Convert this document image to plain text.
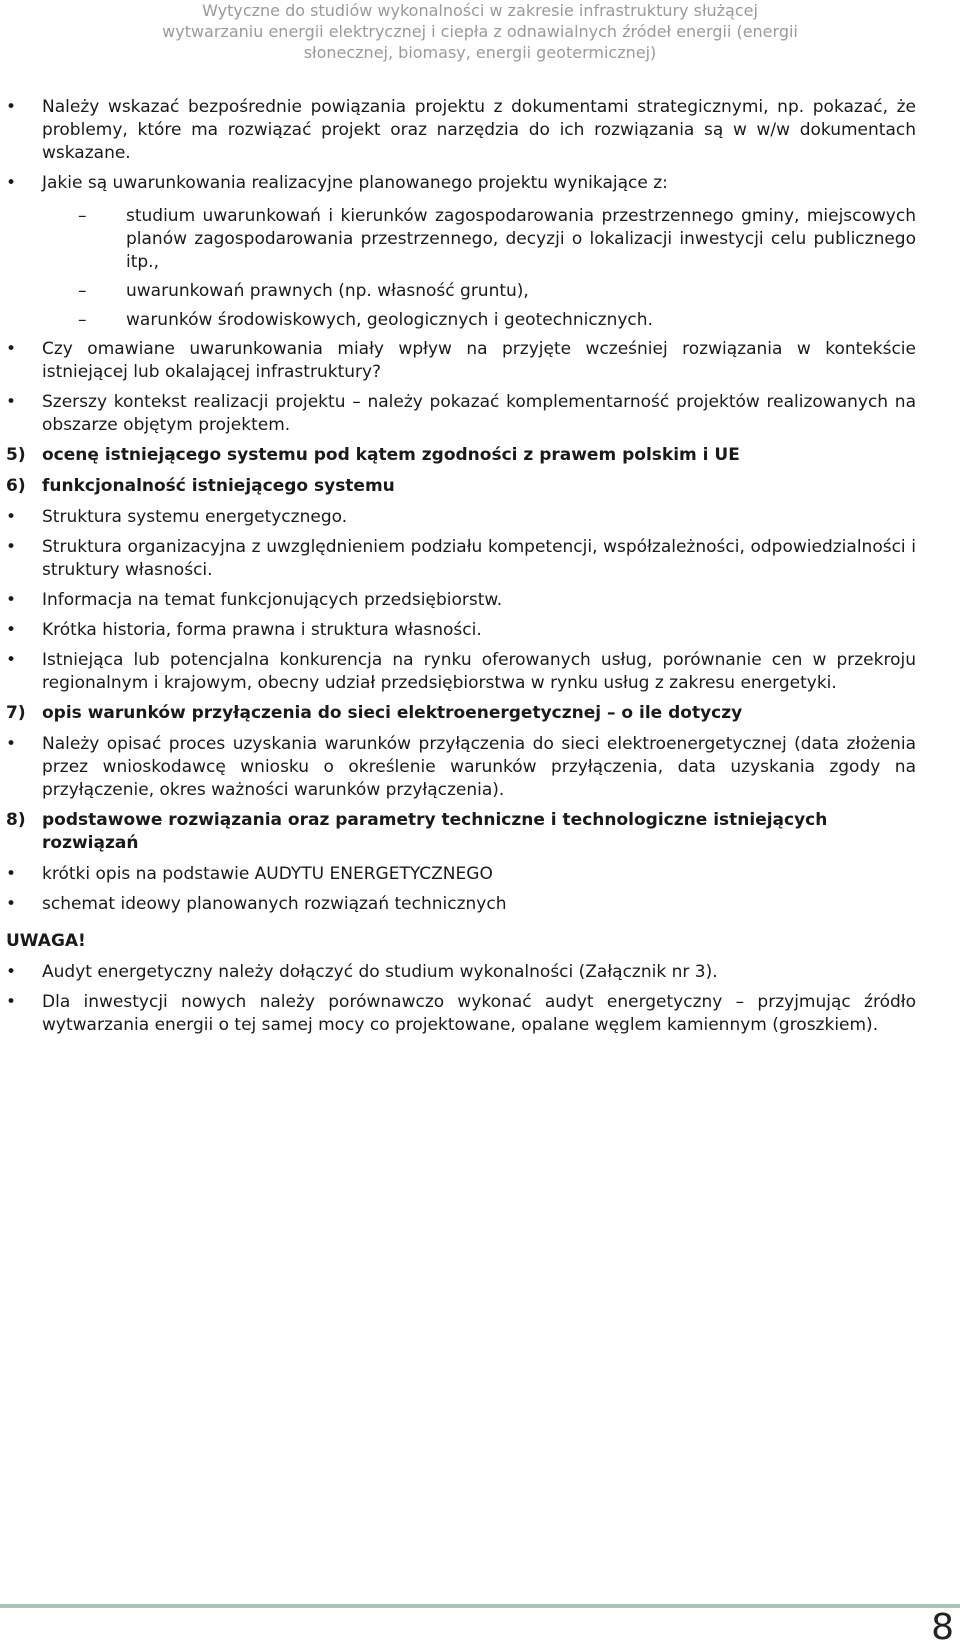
Wytyczne do studiów wykonalności w zakresie infrastruktury służącej
wytwarzaniu energii elektrycznej i ciepła z odnawialnych źródeł energii (energii
słonecznej, biomasy, energii geotermicznej)
• Należy wskazać bezpośrednie powiązania projektu z dokumentami strategicznymi, np. pokazać, że problemy, które ma rozwiązać projekt oraz narzędzia do ich rozwiązania są w w/w dokumentach wskazane.
• Jakie są uwarunkowania realizacyjne planowanego projektu wynikające z:
– studium uwarunkowań i kierunków zagospodarowania przestrzennego gminy, miejscowych planów zagospodarowania przestrzennego, decyzji o lokalizacji inwestycji celu publicznego itp.,
– uwarunkowań prawnych (np. własność gruntu),
– warunków środowiskowych, geologicznych i geotechnicznych.
• Czy omawiane uwarunkowania miały wpływ na przyjęte wcześniej rozwiązania w kontekście istniejącej lub okalającej infrastruktury?
• Szerszy kontekst realizacji projektu – należy pokazać komplementarność projektów realizowanych na obszarze objętym projektem.
5) ocenę istniejącego systemu pod kątem zgodności z prawem polskim i UE
6) funkcjonalność istniejącego systemu
• Struktura systemu energetycznego.
• Struktura organizacyjna z uwzględnieniem podziału kompetencji, współzależności, odpowiedzialności i struktury własności.
• Informacja na temat funkcjonujących przedsiębiorstw.
• Krótka historia, forma prawna i struktura własności.
• Istniejąca lub potencjalna konkurencja na rynku oferowanych usług, porównanie cen w przekroju regionalnym i krajowym, obecny udział przedsiębiorstwa w rynku usług z zakresu energetyki.
7) opis warunków przyłączenia do sieci elektroenergetycznej – o ile dotyczy
• Należy opisać proces uzyskania warunków przyłączenia do sieci elektroenergetycznej (data złożenia przez wnioskodawcę wniosku o określenie warunków przyłączenia, data uzyskania zgody na przyłączenie, okres ważności warunków przyłączenia).
8) podstawowe rozwiązania oraz parametry techniczne i technologiczne istniejących rozwiązań
• krótki opis na podstawie AUDYTU ENERGETYCZNEGO
• schemat ideowy planowanych rozwiązań technicznych
UWAGA!
• Audyt energetyczny należy dołączyć do studium wykonalności (Załącznik nr 3).
• Dla inwestycji nowych należy porównawczo wykonać audyt energetyczny – przyjmując źródło wytwarzania energii o tej samej mocy co projektowane, opalane węglem kamiennym (groszkiem).
8
